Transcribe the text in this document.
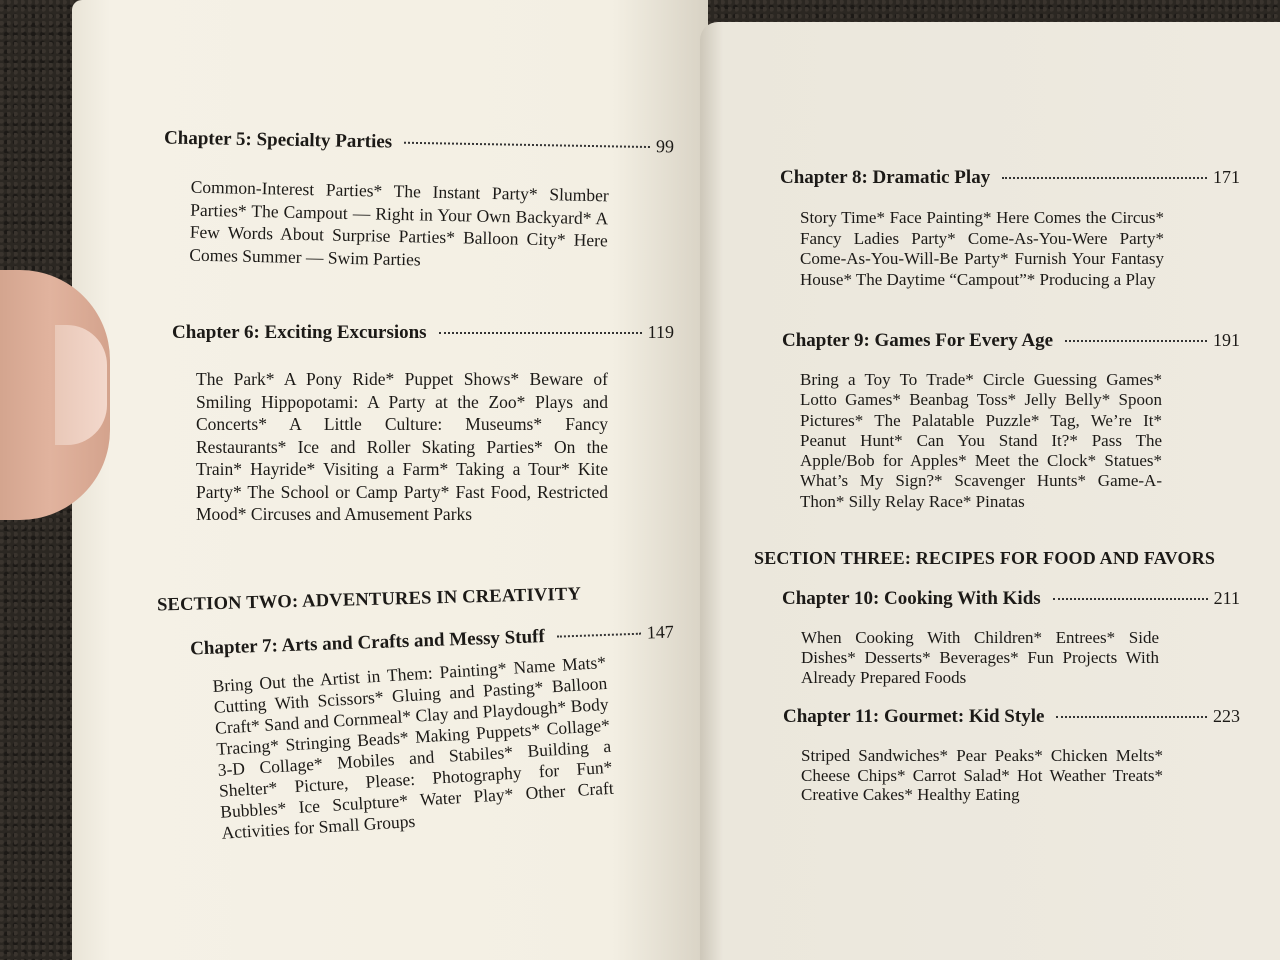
Chapter 5: Specialty Parties	99
Common-Interest Parties* The Instant Party* Slumber Parties* The Campout — Right in Your Own Backyard* A Few Words About Surprise Parties* Balloon City* Here Comes Summer — Swim Parties
Chapter 6: Exciting Excursions	119
The Park* A Pony Ride* Puppet Shows* Beware of Smiling Hippopotami: A Party at the Zoo* Plays and Concerts* A Little Culture: Museums* Fancy Restaurants* Ice and Roller Skating Parties* On the Train* Hayride* Visiting a Farm* Taking a Tour* Kite Party* The School or Camp Party* Fast Food, Restricted Mood* Circuses and Amusement Parks
SECTION TWO: ADVENTURES IN CREATIVITY
Chapter 7: Arts and Crafts and Messy Stuff	147
Bring Out the Artist in Them: Painting* Name Mats* Cutting With Scissors* Gluing and Pasting* Balloon Craft* Sand and Cornmeal* Clay and Playdough* Body Tracing* Stringing Beads* Making Puppets* Collage* 3-D Collage* Mobiles and Stabiles* Building a Shelter* Picture, Please: Photography for Fun* Bubbles* Ice Sculpture* Water Play* Other Craft Activities for Small Groups
Chapter 8: Dramatic Play	171
Story Time* Face Painting* Here Comes the Circus* Fancy Ladies Party* Come-As-You-Were Party* Come-As-You-Will-Be Party* Furnish Your Fantasy House* The Daytime “Campout”* Producing a Play
Chapter 9: Games For Every Age	191
Bring a Toy To Trade* Circle Guessing Games* Lotto Games* Beanbag Toss* Jelly Belly* Spoon Pictures* The Palatable Puzzle* Tag, We’re It* Peanut Hunt* Can You Stand It?* Pass The Apple/Bob for Apples* Meet the Clock* Statues* What’s My Sign?* Scavenger Hunts* Game-A-Thon* Silly Relay Race* Pinatas
SECTION THREE: RECIPES FOR FOOD AND FAVORS
Chapter 10: Cooking With Kids	211
When Cooking With Children* Entrees* Side Dishes* Desserts* Beverages* Fun Projects With Already Prepared Foods
Chapter 11: Gourmet: Kid Style	223
Striped Sandwiches* Pear Peaks* Chicken Melts* Cheese Chips* Carrot Salad* Hot Weather Treats* Creative Cakes* Healthy Eating
